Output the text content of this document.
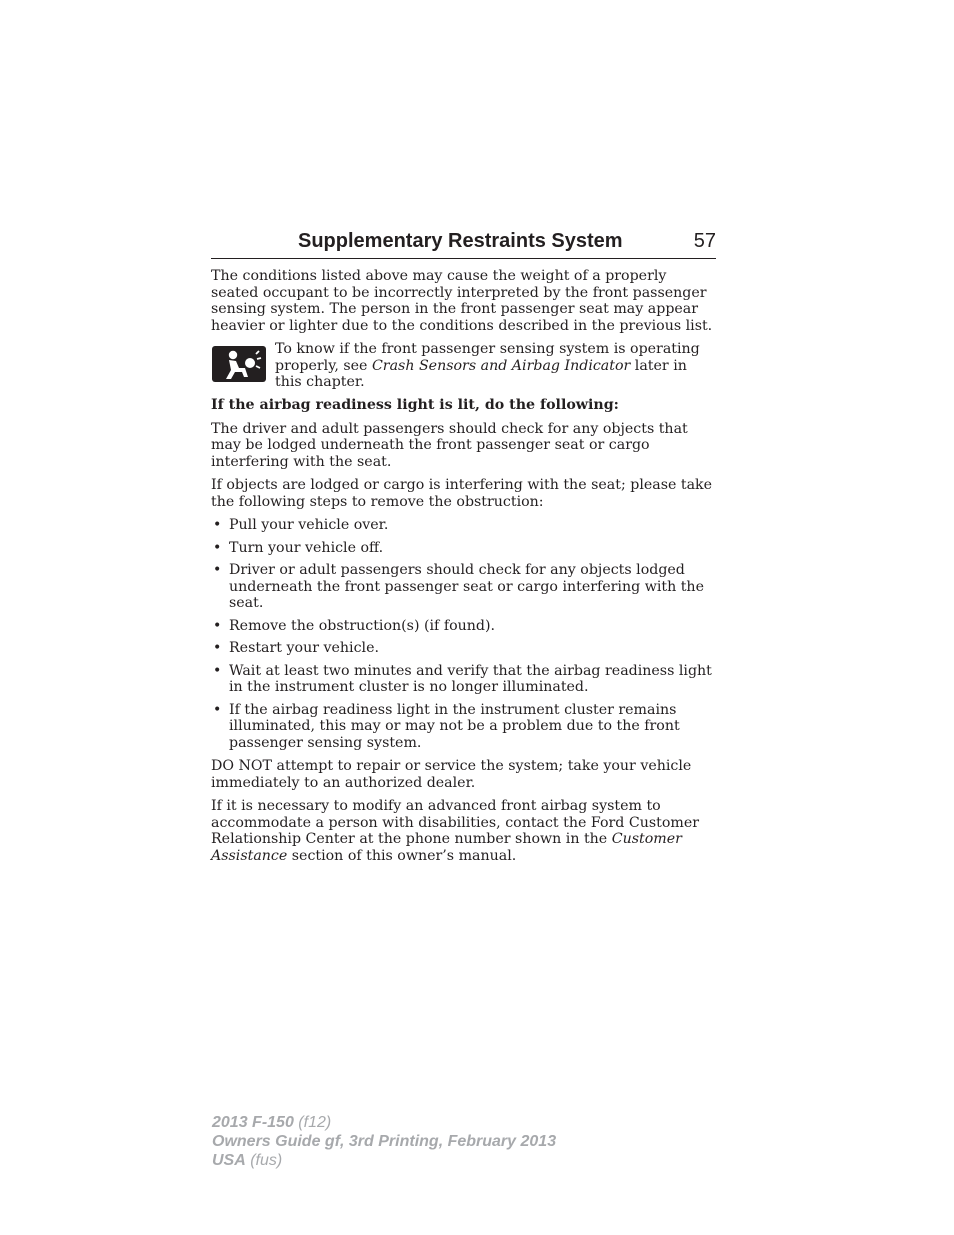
Supplementary Restraints System	57

The conditions listed above may cause the weight of a properly seated occupant to be incorrectly interpreted by the front passenger sensing system. The person in the front passenger seat may appear heavier or lighter due to the conditions described in the previous list.

To know if the front passenger sensing system is operating properly, see Crash Sensors and Airbag Indicator later in this chapter.

If the airbag readiness light is lit, do the following:

The driver and adult passengers should check for any objects that may be lodged underneath the front passenger seat or cargo interfering with the seat.

If objects are lodged or cargo is interfering with the seat; please take the following steps to remove the obstruction:

• Pull your vehicle over.
• Turn your vehicle off.
• Driver or adult passengers should check for any objects lodged underneath the front passenger seat or cargo interfering with the seat.
• Remove the obstruction(s) (if found).
• Restart your vehicle.
• Wait at least two minutes and verify that the airbag readiness light in the instrument cluster is no longer illuminated.
• If the airbag readiness light in the instrument cluster remains illuminated, this may or may not be a problem due to the front passenger sensing system.

DO NOT attempt to repair or service the system; take your vehicle immediately to an authorized dealer.

If it is necessary to modify an advanced front airbag system to accommodate a person with disabilities, contact the Ford Customer Relationship Center at the phone number shown in the Customer Assistance section of this owner’s manual.

2013 F-150 (f12)
Owners Guide gf, 3rd Printing, February 2013
USA (fus)
